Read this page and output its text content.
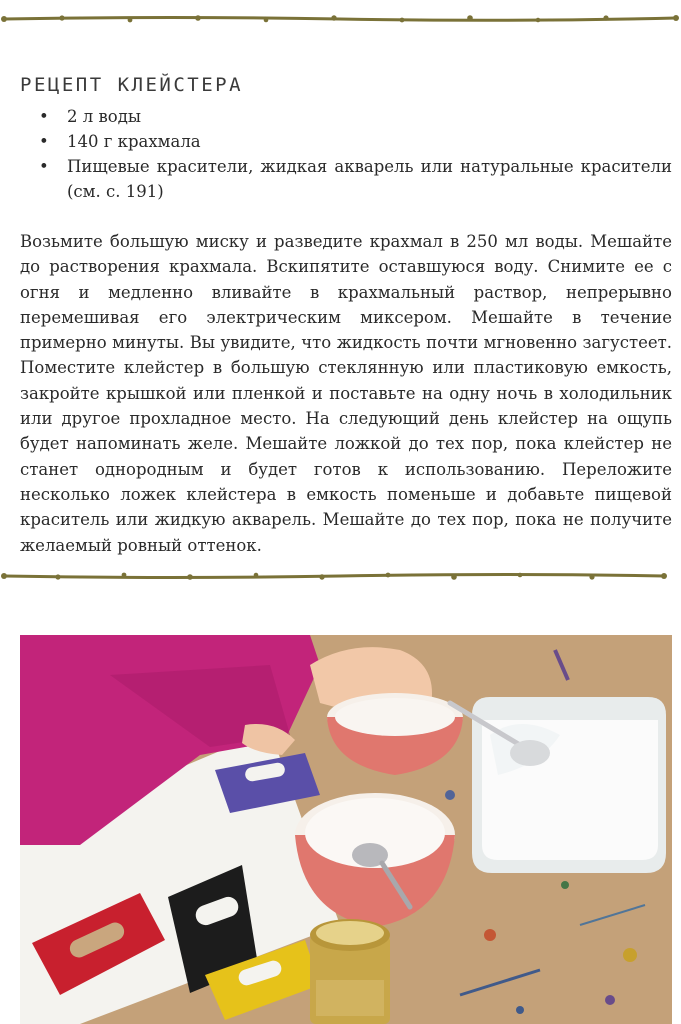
РЕЦЕПТ КЛЕЙСТЕРА
• 2 л воды
• 140 г крахмала
• Пищевые красители, жидкая акварель или натуральные красители (см. с. 191)

Возьмите большую миску и разведите крахмал в 250 мл воды. Мешайте до растворения крахмала. Вскипятите оставшуюся воду. Снимите ее с огня и медленно вливайте в крахмальный раствор, непрерывно перемешивая его электрическим миксером. Мешайте в течение примерно минуты. Вы увидите, что жидкость почти мгновенно загустеет. Поместите клейстер в большую стеклянную или пластиковую емкость, закройте крышкой или пленкой и поставьте на одну ночь в холодильник или другое прохладное место. На следующий день клейстер на ощупь будет напоминать желе. Мешайте ложкой до тех пор, пока клейстер не станет однородным и будет готов к использованию. Переложите несколько ложек клейстера в емкость поменьше и добавьте пищевой краситель или жидкую акварель. Мешайте до тех пор, пока не получите желаемый ровный оттенок.
